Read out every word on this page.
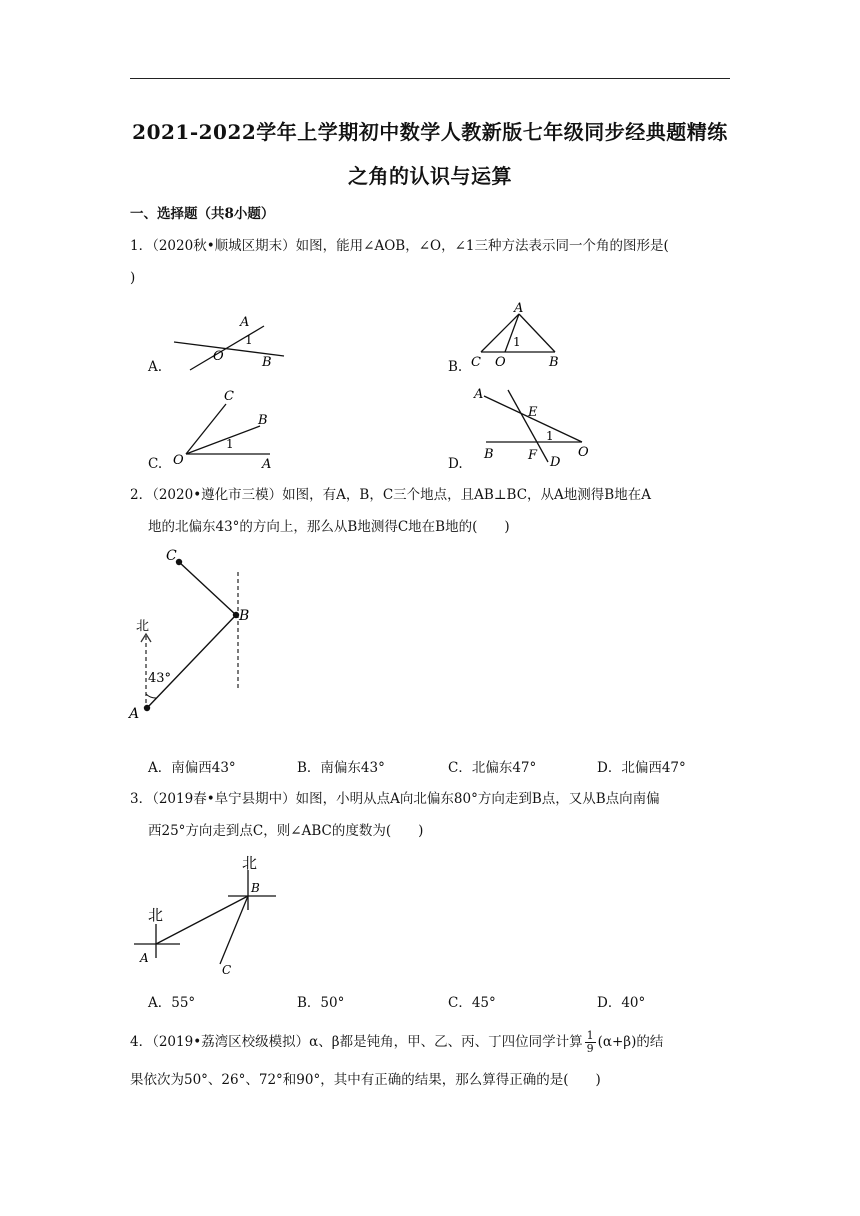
2021-2022学年上学期初中数学人教新版七年级同步经典题精练
之角的认识与运算
一、选择题（共8小题）
1．（2020秋•顺城区期末）如图，能用∠AOB，∠O，∠1三种方法表示同一个角的图形是(
)
A.
A
1
O	B	B.
A
1
C O	B
C.
C
B
1
O	A	D.
A
E
1
B	F D
O
2．（2020•遵化市三模）如图，有A，B，C三个地点，且AB⊥BC，从A地测得B地在A
地的北偏东43°的方向上，那么从B地测得C地在B地的(　　)
C
B
北
43°
A
A．南偏西43°	B．南偏东43°	C．北偏东47°	D．北偏西47°
3．（2019春•阜宁县期中）如图，小明从点A向北偏东80°方向走到B点，又从B点向南偏
西25°方向走到点C，则∠ABC的度数为(　　)
北
B
北
A
C
A．55°	B．50°	C．45°	D．40°
4．（2019•荔湾区校级模拟）α、β都是钝角，甲、乙、丙、丁四位同学计算 $\frac{1}{9} (\alpha+\beta)$的结
果依次为50°、26°、72°和90°，其中有正确的结果，那么算得正确的是(　　)
